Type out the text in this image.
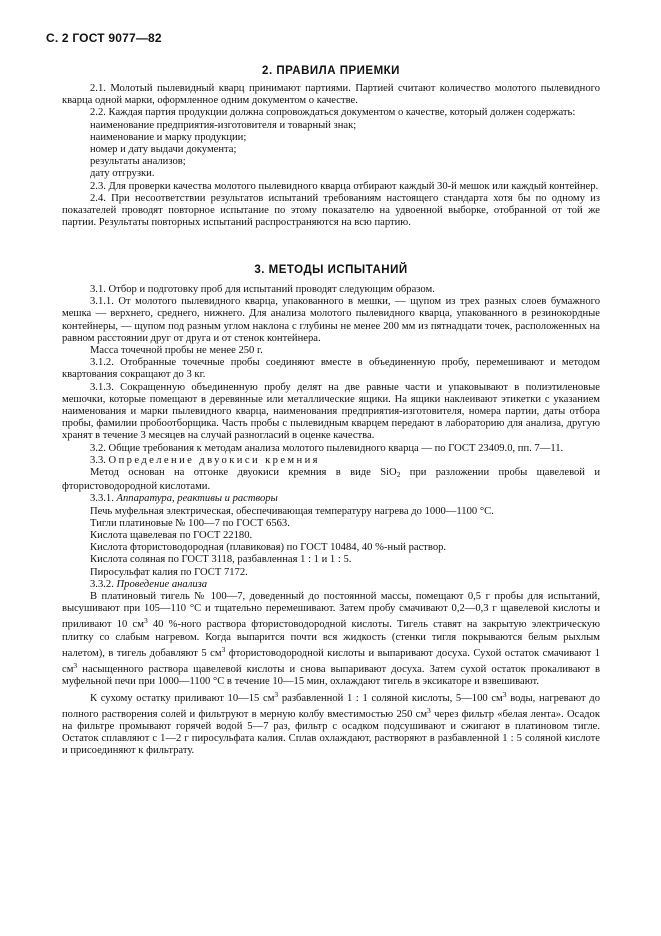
С. 2 ГОСТ 9077—82
2. ПРАВИЛА ПРИЕМКИ

2.1. Молотый пылевидный кварц принимают партиями. Партией считают количество молотого пылевидного кварца одной марки, оформленное одним документом о качестве.

2.2. Каждая партия продукции должна сопровождаться документом о качестве, который должен содержать:

наименование предприятия-изготовителя и товарный знак;

наименование и марку продукции;

номер и дату выдачи документа;

результаты анализов;

дату отгрузки.

2.3. Для проверки качества молотого пылевидного кварца отбирают каждый 30-й мешок или каждый контейнер.

2.4. При несоответствии результатов испытаний требованиям настоящего стандарта хотя бы по одному из показателей проводят повторное испытание по этому показателю на удвоенной выборке, отобранной от той же партии. Результаты повторных испытаний распространяются на всю партию.

3. МЕТОДЫ ИСПЫТАНИЙ

3.1. Отбор и подготовку проб для испытаний проводят следующим образом.

3.1.1. От молотого пылевидного кварца, упакованного в мешки, — щупом из трех разных слоев бумажного мешка — верхнего, среднего, нижнего. Для анализа молотого пылевидного кварца, упакованного в резинокордные контейнеры, — щупом под разным углом наклона с глубины не менее 200 мм из пятнадцати точек, расположенных на равном расстоянии друг от друга и от стенок контейнера.

Масса точечной пробы не менее 250 г.

3.1.2. Отобранные точечные пробы соединяют вместе в объединенную пробу, перемешивают и методом квартования сокращают до 3 кг.

3.1.3. Сокращенную объединенную пробу делят на две равные части и упаковывают в полиэтиленовые мешочки, которые помещают в деревянные или металлические ящики. На ящики наклеивают этикетки с указанием наименования и марки пылевидного кварца, наименования предприятия-изготовителя, номера партии, даты отбора пробы, фамилии пробоотборщика. Часть пробы с пылевидным кварцем передают в лабораторию для анализа, другую хранят в течение 3 месяцев на случай разногласий в оценке качества.

3.2. Общие требования к методам анализа молотого пылевидного кварца — по ГОСТ 23409.0, пп. 7—11.

3.3. Определение двуокиси кремния

Метод основан на отгонке двуокиси кремния в виде SiO$_2$ при разложении пробы щавелевой и фтористоводородной кислотами.

3.3.1. Аппаратура, реактивы и растворы

Печь муфельная электрическая, обеспечивающая температуру нагрева до 1000—1100 °С.

Тигли платиновые № 100—7 по ГОСТ 6563.

Кислота щавелевая по ГОСТ 22180.

Кислота фтористоводородная (плавиковая) по ГОСТ 10484, 40 %-ный раствор.

Кислота соляная по ГОСТ 3118, разбавленная 1 : 1 и 1 : 5.

Пиросульфат калия по ГОСТ 7172.

3.3.2. Проведение анализа

В платиновый тигель № 100—7, доведенный до постоянной массы, помещают 0,5 г пробы для испытаний, высушивают при 105—110 °С и тщательно перемешивают. Затем пробу смачивают 0,2—0,3 г щавелевой кислоты и приливают 10 $см^3$ 40 %-ного раствора фтористоводородной кислоты. Тигель ставят на закрытую электрическую плитку со слабым нагревом. Когда выпарится почти вся жидкость (стенки тигля покрываются белым рыхлым налетом), в тигель добавляют 5 $см^3$ фтористоводородной кислоты и выпаривают досуха. Сухой остаток смачивают 1 $см^3$ насыщенного раствора щавелевой кислоты и снова выпаривают досуха. Затем сухой остаток прокаливают в муфельной печи при 1000—1100 °С в течение 10—15 мин, охлаждают тигель в эксикаторе и взвешивают.

К сухому остатку приливают 10—15 $см^3$ разбавленной 1 : 1 соляной кислоты, 5—100 $см^3$ воды, нагревают до полного растворения солей и фильтруют в мерную колбу вместимостью 250 $см^3$ через фильтр «белая лента». Осадок на фильтре промывают горячей водой 5—7 раз, фильтр с осадком подсушивают и сжигают в платиновом тигле. Остаток сплавляют с 1—2 г пиросульфата калия. Сплав охлаждают, растворяют в разбавленной 1 : 5 соляной кислоте и присоединяют к фильтрату.
